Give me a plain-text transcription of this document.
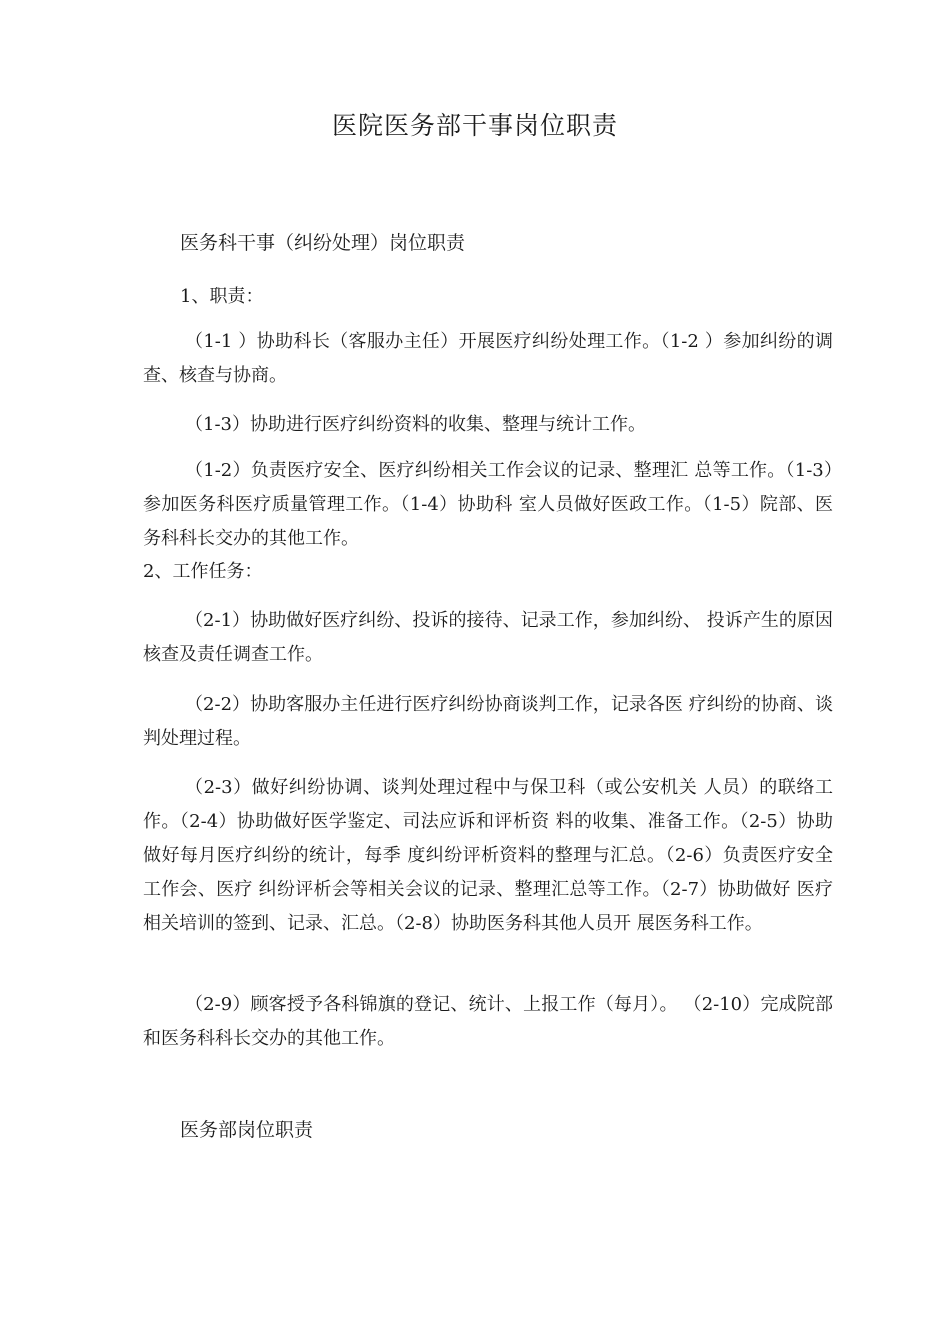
医院医务部干事岗位职责
医务科干事（纠纷处理）岗位职责
1、职责：
（1-1 ）协助科长（客服办主任）开展医疗纠纷处理工作。（1-2 ）参加纠纷的调查、核查与协商。
（1-3）协助进行医疗纠纷资料的收集、整理与统计工作。
（1-2）负责医疗安全、医疗纠纷相关工作会议的记录、整理汇 总等工作。（1-3）参加医务科医疗质量管理工作。（1-4）协助科 室人员做好医政工作。（1-5）院部、医务科科长交办的其他工作。
2、工作任务：
（2-1）协助做好医疗纠纷、投诉的接待、记录工作，参加纠纷、 投诉产生的原因核查及责任调查工作。
（2-2）协助客服办主任进行医疗纠纷协商谈判工作，记录各医 疗纠纷的协商、谈判处理过程。
（2-3）做好纠纷协调、谈判处理过程中与保卫科（或公安机关 人员）的联络工作。（2-4）协助做好医学鉴定、司法应诉和评析资 料的收集、准备工作。（2-5）协助做好每月医疗纠纷的统计，每季 度纠纷评析资料的整理与汇总。（2-6）负责医疗安全工作会、医疗 纠纷评析会等相关会议的记录、整理汇总等工作。（2-7）协助做好 医疗相关培训的签到、记录、汇总。（2-8）协助医务科其他人员开 展医务科工作。
（2-9）顾客授予各科锦旗的登记、统计、上报工作（每月）。 （2-10）完成院部和医务科科长交办的其他工作。
医务部岗位职责
